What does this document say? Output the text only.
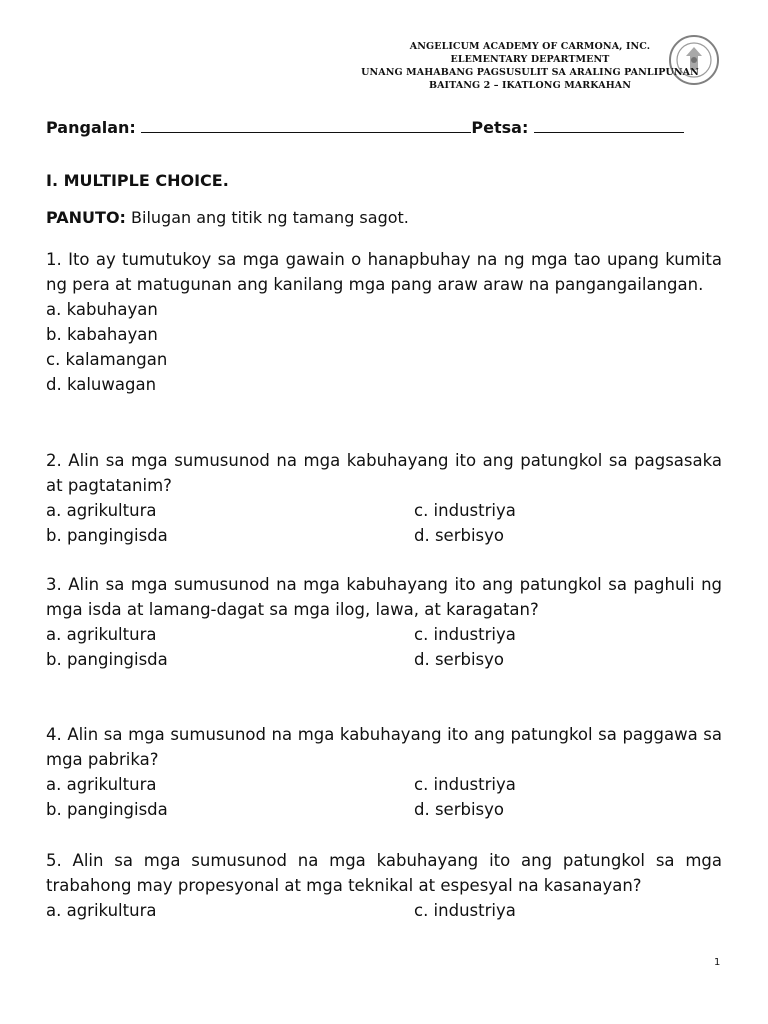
ANGELICUM ACADEMY OF CARMONA, INC.
ELEMENTARY DEPARTMENT
UNANG MAHABANG PAGSUSULIT SA ARALING PANLIPUNAN
BAITANG 2 – IKATLONG MARKAHAN
Pangalan:	Petsa:
I. MULTIPLE CHOICE.
PANUTO: Bilugan ang titik ng tamang sagot.
1. Ito ay tumutukoy sa mga gawain o hanapbuhay na ng mga tao upang kumita ng pera at matugunan ang kanilang mga pang araw araw na pangangailangan.
a. kabuhayan
b. kabahayan
c. kalamangan
d. kaluwagan
2. Alin sa mga sumusunod na mga kabuhayang ito ang patungkol sa pagsasaka at pagtatanim?
a. agrikultura	c. industriya
b. pangingisda	d. serbisyo
3. Alin sa mga sumusunod na mga kabuhayang ito ang patungkol sa paghuli ng mga isda at lamang-dagat sa mga ilog, lawa, at karagatan?
a. agrikultura	c. industriya
b. pangingisda	d. serbisyo
4. Alin sa mga sumusunod na mga kabuhayang ito ang patungkol sa paggawa sa mga pabrika?
a. agrikultura	c. industriya
b. pangingisda	d. serbisyo
5. Alin sa mga sumusunod na mga kabuhayang ito ang patungkol sa mga trabahong may propesyonal at mga teknikal at espesyal na kasanayan?
a. agrikultura	c. industriya
1
